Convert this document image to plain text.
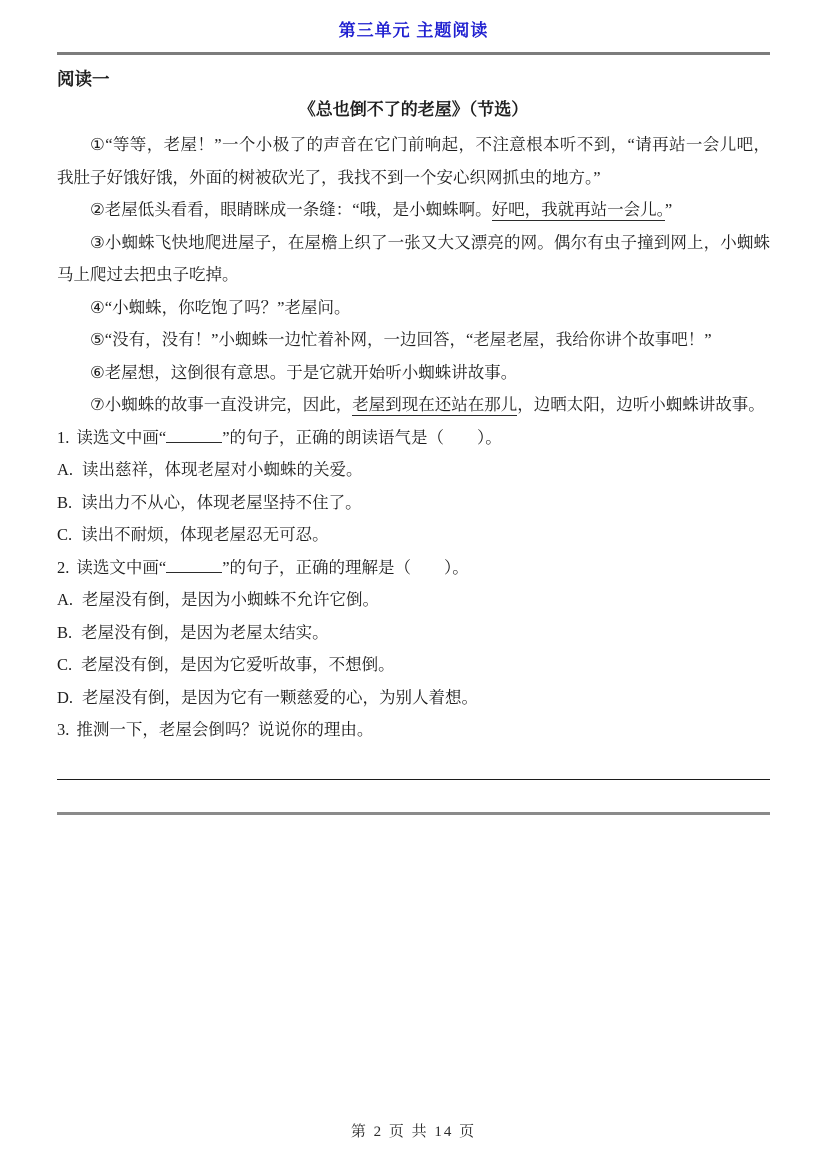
第三单元 主题阅读
阅读一
《总也倒不了的老屋》（节选）

①“等等，老屋！”一个小极了的声音在它门前响起，不注意根本听不到，“请再站一会儿吧，我肚子好饿好饿，外面的树被砍光了，我找不到一个安心织网抓虫的地方。”

②老屋低头看看，眼睛眯成一条缝：“哦，是小蜘蛛啊。好吧，我就再站一会儿。”

③小蜘蛛飞快地爬进屋子，在屋檐上织了一张又大又漂亮的网。偶尔有虫子撞到网上，小蜘蛛马上爬过去把虫子吃掉。

④“小蜘蛛，你吃饱了吗？”老屋问。

⑤“没有，没有！”小蜘蛛一边忙着补网，一边回答，“老屋老屋，我给你讲个故事吧！”

⑥老屋想，这倒很有意思。于是它就开始听小蜘蛛讲故事。

⑦小蜘蛛的故事一直没讲完，因此，老屋到现在还站在那儿，边晒太阳，边听小蜘蛛讲故事。

1. 读选文中画“	”的句子，正确的朗读语气是（　　）。
A. 读出慈祥，体现老屋对小蜘蛛的关爱。
B. 读出力不从心，体现老屋坚持不住了。
C. 读出不耐烦，体现老屋忍无可忍。
2. 读选文中画“	”的句子，正确的理解是（　　）。
A. 老屋没有倒，是因为小蜘蛛不允许它倒。
B. 老屋没有倒，是因为老屋太结实。
C. 老屋没有倒，是因为它爱听故事，不想倒。
D. 老屋没有倒，是因为它有一颗慈爱的心，为别人着想。
3. 推测一下，老屋会倒吗？说说你的理由。
第 2 页 共 14 页
